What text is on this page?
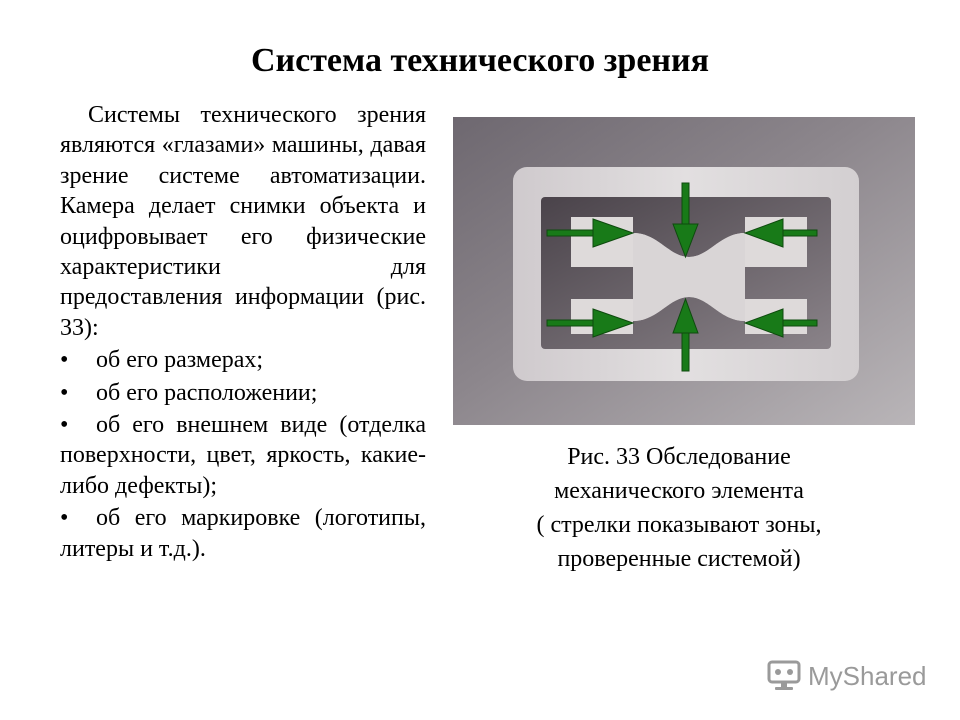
Система технического зрения

Системы технического зрения являются «глазами» машины, давая зрение системе автоматизации. Камера делает снимки объекта и оцифровывает его физические характеристики для предоставления информации (рис. 33):

• об его размерах;
• об его расположении;
• об его внешнем виде (отделка поверхности, цвет, яркость, какие-либо дефекты);
• об его маркировке (логотипы, литеры и т.д.).
Рис. 33 Обследование
механического элемента
( стрелки показывают зоны,
проверенные системой)
MyShared
